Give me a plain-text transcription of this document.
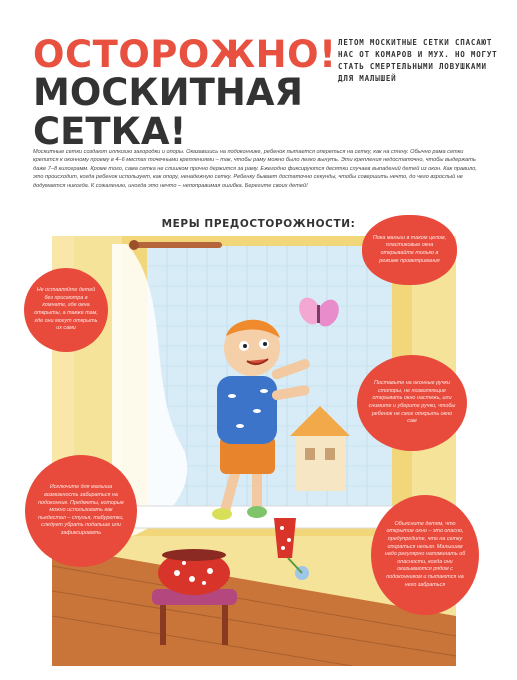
ОСТОРОЖНО!
МОСКИТНАЯ
СЕТКА!
ЛЕТОМ МОСКИТНЫЕ СЕТКИ СПАСАЮТ НАС ОТ КОМАРОВ И МУХ. НО МОГУТ СТАТЬ СМЕРТЕЛЬНЫМИ ЛОВУШКАМИ ДЛЯ МАЛЫШЕЙ
Москитные сетки создают иллюзию загородки и опоры. Оказавшись на подоконнике, ребенок пытается опереться на сетку, как на стену. Обычно рама сетки крепится к оконному проему в 4–6 местах точечными креплениями – так, чтобы раму можно было легко вынуть. Эти крепления недостаточно, чтобы выдержать даже 7–8 килограмм. Кроме того, сама сетка не слишком прочно держится за раму. Ежегодно фиксируются десятки случаев выпадений детей из окон. Как правило, это происходит, когда ребенок использует, как опору, ненадежную сетку. Ребенку бывает достаточно секунды, чтобы совершить нечто, до чего взрослый не додумается никогда. К сожалению, иногда это нечто – непоправимая ошибка. Берегите своих детей!
МЕРЫ ПРЕДОСТОРОЖНОСТИ:
Не оставляйте детей без присмотра в комнате, где окна открыты, а также там, где они могут открыть их сами
Пока малыш в таком целом, пластиковые окна открывайте только в режиме проветривания
Поставьте на оконные ручки стопоры, не позволяющие открывать окно настежь, или снимите и уберите ручки, чтобы ребенок не смог открыть окно сам
Исключите для малыша возможность забираться на подоконник. Предметы, которые можно использовать как пьедестал – стулья, табуретки, следует убрать подальше или зафиксировать
Объясните детям, что открытое окно – это опасно, предупредите, что на сетку опираться нельзя. Малышам надо регулярно напоминать об опасности, когда они оказываются рядом с подоконником и пытаются на него забраться
